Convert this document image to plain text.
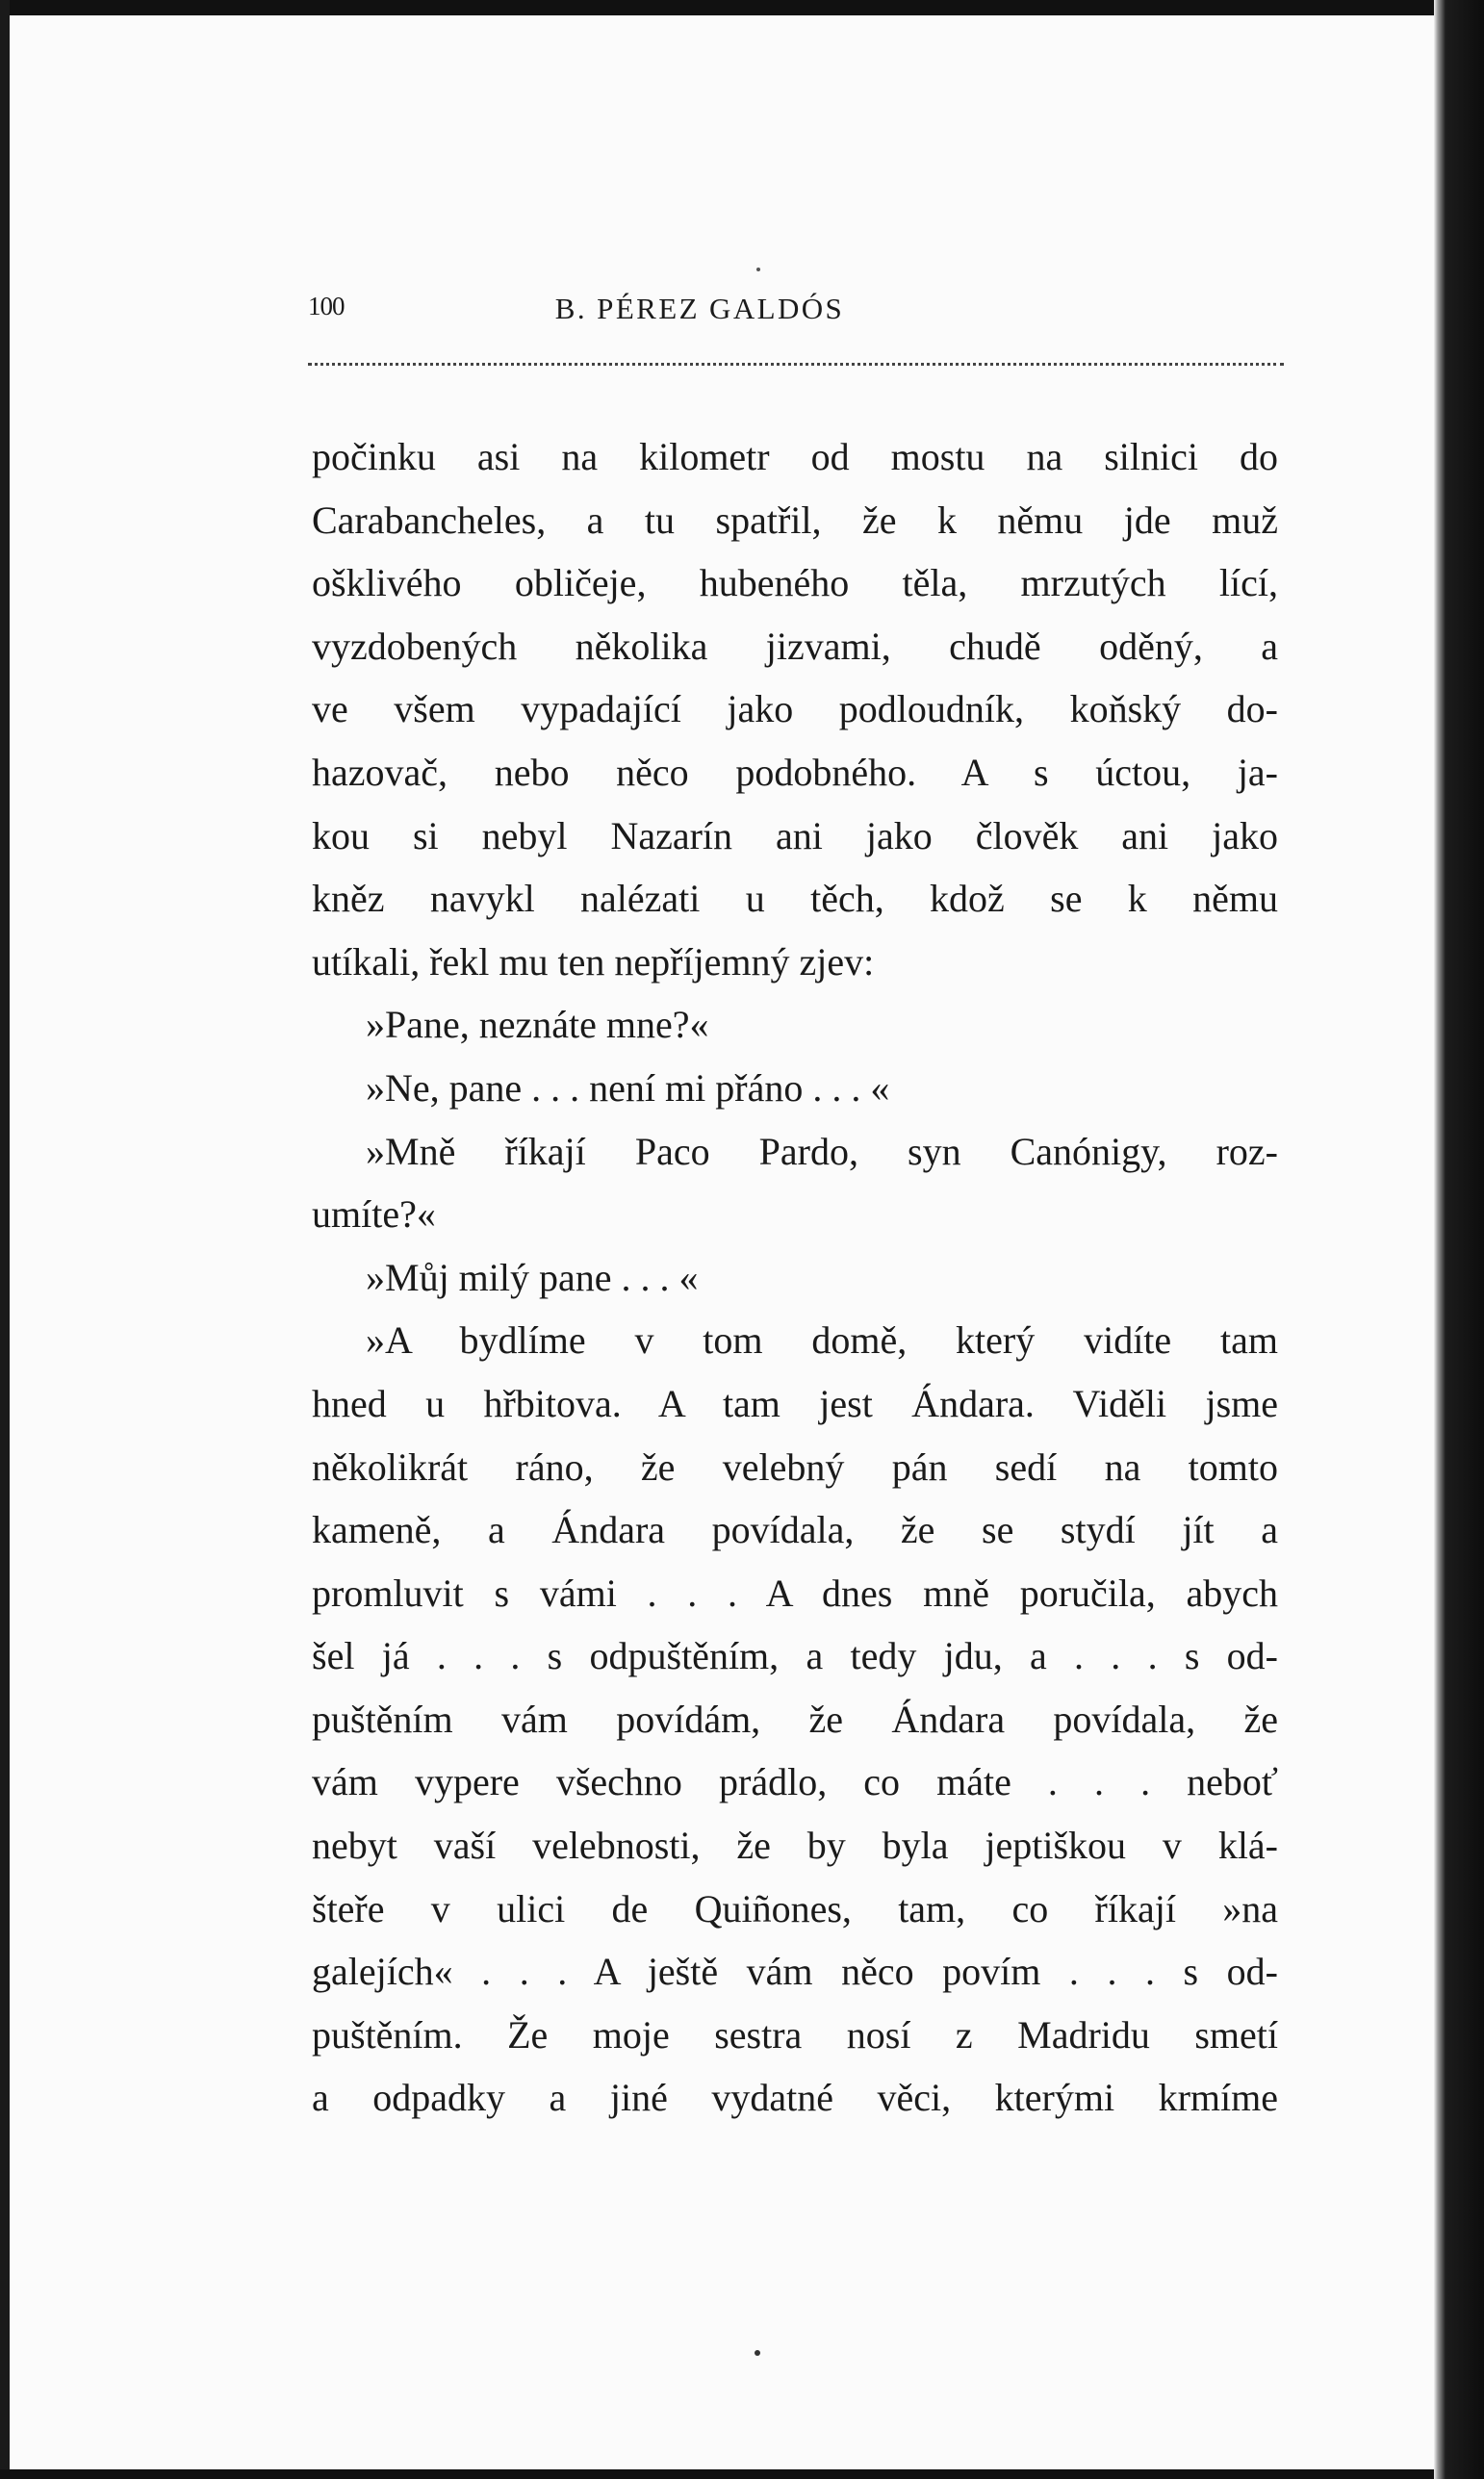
100	B. PÉREZ GALDÓS
počinku asi na kilometr od mostu na silnici do
Carabancheles, a tu spatřil, že k němu jde muž
ošklivého obličeje, hubeného těla, mrzutých lící,
vyzdobených několika jizvami, chudě oděný, a
ve všem vypadající jako podloudník, koňský do-
hazovač, nebo něco podobného. A s úctou, ja-
kou si nebyl Nazarín ani jako člověk ani jako
kněz navykl nalézati u těch, kdož se k němu
utíkali, řekl mu ten nepříjemný zjev:
»Pane, neznáte mne?«
»Ne, pane . . . není mi přáno . . . «
»Mně říkají Paco Pardo, syn Canónigy, roz-
umíte?«
»Můj milý pane . . . «
»A bydlíme v tom domě, který vidíte tam
hned u hřbitova. A tam jest Ándara. Viděli jsme
několikrát ráno, že velebný pán sedí na tomto
kameně, a Ándara povídala, že se stydí jít a
promluvit s vámi . . . A dnes mně poručila, abych
šel já . . . s odpuštěním, a tedy jdu, a . . . s od-
puštěním vám povídám, že Ándara povídala, že
vám vypere všechno prádlo, co máte . . . neboť
nebyt vaší velebnosti, že by byla jeptiškou v klá-
šteře v ulici de Quiñones, tam, co říkají »na
galejích« . . . A ještě vám něco povím . . . s od-
puštěním. Že moje sestra nosí z Madridu smetí
a odpadky a jiné vydatné věci, kterými krmíme
